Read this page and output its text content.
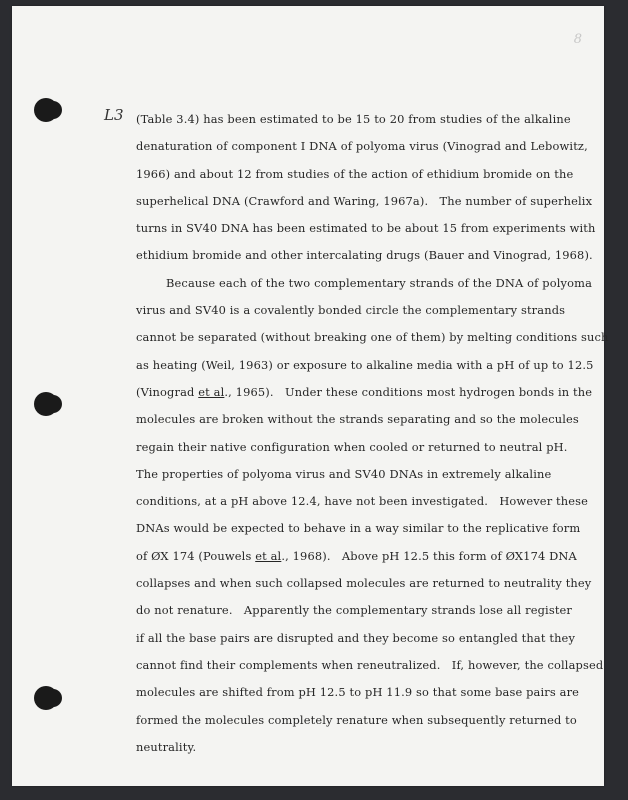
8
L3 (Table 3.4) has been estimated to be 15 to 20 from studies of the alkaline
denaturation of component I DNA of polyoma virus (Vinograd and Lebowitz,
1966) and about 12 from studies of the action of ethidium bromide on the
superhelical DNA (Crawford and Waring, 1967a).   The number of superhelix
turns in SV40 DNA has been estimated to be about 15 from experiments with
ethidium bromide and other intercalating drugs (Bauer and Vinograd, 1968).
Because each of the two complementary strands of the DNA of polyoma
virus and SV40 is a covalently bonded circle the complementary strands
cannot be separated (without breaking one of them) by melting conditions such
as heating (Weil, 1963) or exposure to alkaline media with a pH of up to 12.5
(Vinograd et al., 1965).   Under these conditions most hydrogen bonds in the
molecules are broken without the strands separating and so the molecules
regain their native configuration when cooled or returned to neutral pH.
The properties of polyoma virus and SV40 DNAs in extremely alkaline
conditions, at a pH above 12.4, have not been investigated.   However these
DNAs would be expected to behave in a way similar to the replicative form
of ØX 174 (Pouwels et al., 1968).   Above pH 12.5 this form of ØX174 DNA
collapses and when such collapsed molecules are returned to neutrality they
do not renature.   Apparently the complementary strands lose all register
if all the base pairs are disrupted and they become so entangled that they
cannot find their complements when reneutralized.   If, however, the collapsed
molecules are shifted from pH 12.5 to pH 11.9 so that some base pairs are
formed the molecules completely renature when subsequently returned to
neutrality.
